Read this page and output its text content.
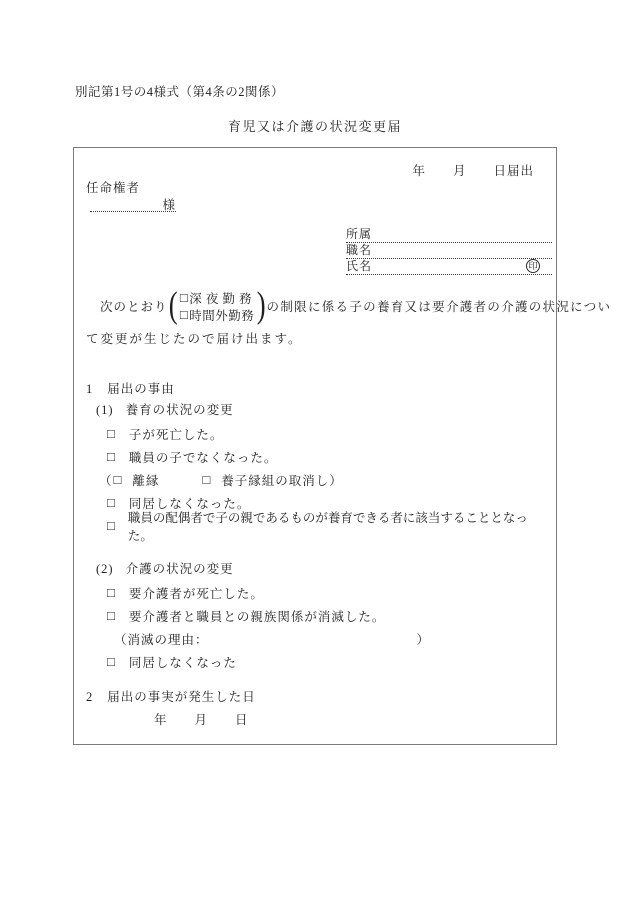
別記第1号の4様式（第4条の2関係）
育児又は介護の状況変更届
年　　月　　日届出
任命権者
様
所属
職名
氏名	印
次のとおり ( □ 深 夜 勤 務
□ 時間外勤務 ) の制限に係る子の養育又は要介護者の介護の状況につい
て変更が生じたので届け出ます。
1 届出の事由
(1) 養育の状況の変更
□ 子が死亡した。
□ 職員の子でなくなった。
（ □ 離縁	□ 養子縁組の取消し ）
□ 同居しなくなった。
□
職員の配偶者で子の親であるものが養育できる者に該当することとなった。
(2) 介護の状況の変更
□ 要介護者が死亡した。
□ 要介護者と職員との親族関係が消滅した。
（消滅の理由：	）
□ 同居しなくなった
2 届出の事実が発生した日
年　　月　　日
